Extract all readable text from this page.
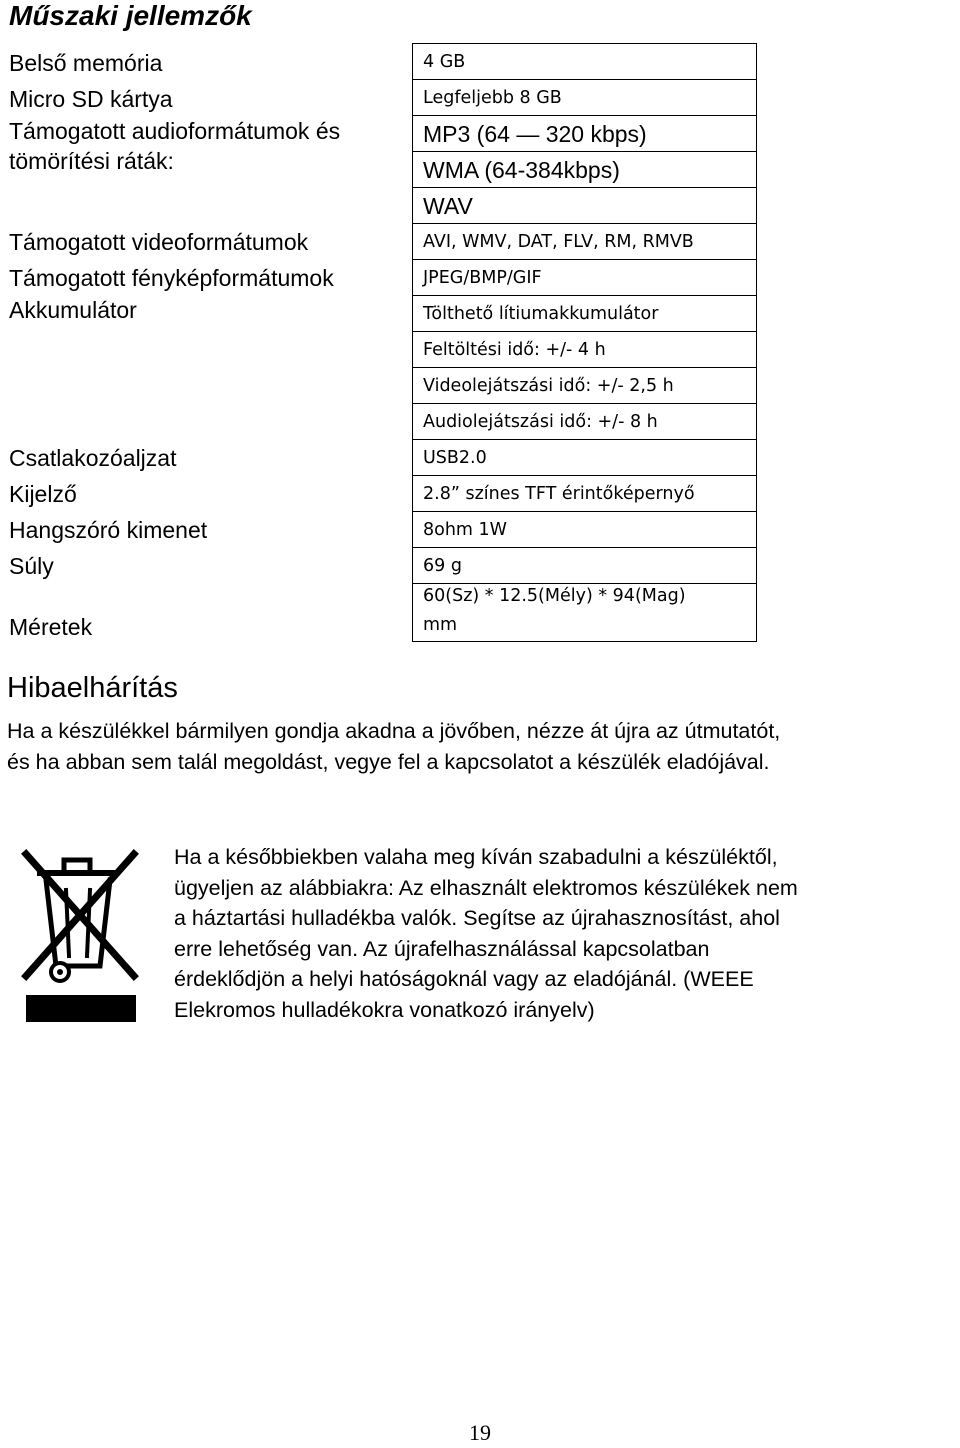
Műszaki jellemzők
Belső memória
Micro SD kártya
Támogatott audioformátumok és
tömörítési ráták:
Támogatott videoformátumok
Támogatott fényképformátumok
Akkumulátor
Csatlakozóaljzat
Kijelző
Hangszóró kimenet
Súly
Méretek
4 GB
Legfeljebb 8 GB
MP3 (64 — 320 kbps)
WMA (64-384kbps)
WAV
AVI, WMV, DAT, FLV, RM, RMVB
JPEG/BMP/GIF
Tölthető lítiumakkumulátor
Feltöltési idő: +/- 4 h
Videolejátszási idő: +/- 2,5 h
Audiolejátszási idő: +/- 8 h
USB2.0
2.8” színes TFT érintőképernyő
8ohm 1W
69 g
60(Sz) * 12.5(Mély) * 94(Mag)
mm
Hibaelhárítás
Ha a készülékkel bármilyen gondja akadna a jövőben, nézze át újra az útmutatót,
és ha abban sem talál megoldást, vegye fel a kapcsolatot a készülék eladójával.
Ha a későbbiekben valaha meg kíván szabadulni a készüléktől,
ügyeljen az alábbiakra: Az elhasznált elektromos készülékek nem
a háztartási hulladékba valók. Segítse az újrahasznosítást, ahol
erre lehetőség van. Az újrafelhasználással kapcsolatban
érdeklődjön a helyi hatóságoknál vagy az eladójánál. (WEEE
Elekromos hulladékokra vonatkozó irányelv)
19
